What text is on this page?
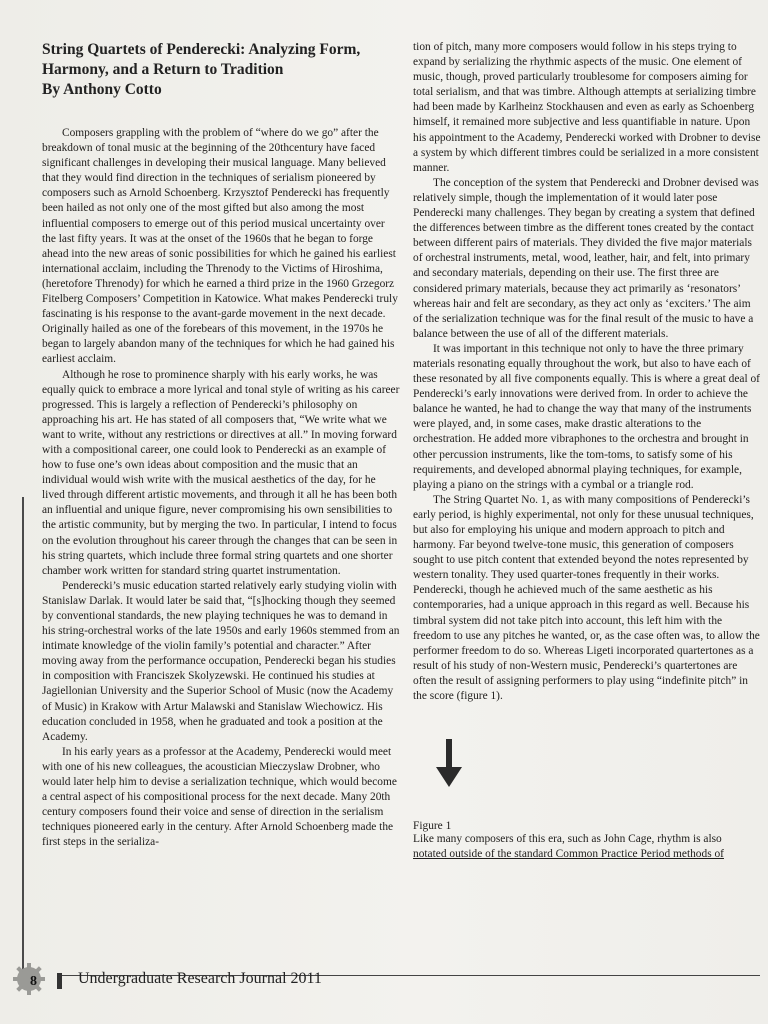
String Quartets of Penderecki: Analyzing Form,
Harmony, and a Return to Tradition
By Anthony Cotto

Composers grappling with the problem of “where do we go” after the breakdown of tonal music at the beginning of the 20thcentury have faced significant challenges in developing their musical language. Many believed that they would find direction in the techniques of serialism pioneered by composers such as Arnold Schoenberg. Krzysztof Penderecki has frequently been hailed as not only one of the most gifted but also among the most influential composers to emerge out of this period musical uncertainty over the last fifty years. It was at the onset of the 1960s that he began to forge ahead into the new areas of sonic possibilities for which he gained his earliest international acclaim, including the Threnody to the Victims of Hiroshima, (heretofore Threnody) for which he earned a third prize in the 1960 Grzegorz Fitelberg Composers’ Competition in Katowice. What makes Penderecki truly fascinating is his response to the avant-garde movement in the next decade. Originally hailed as one of the forebears of this movement, in the 1970s he began to largely abandon many of the techniques for which he had gained his earliest acclaim.

Although he rose to prominence sharply with his early works, he was equally quick to embrace a more lyrical and tonal style of writing as his career progressed. This is largely a reflection of Penderecki’s philosophy on approaching his art. He has stated of all composers that, “We write what we want to write, without any restrictions or directives at all.” In moving forward with a compositional career, one could look to Penderecki as an example of how to fuse one’s own ideas about composition and the music that an individual would wish write with the musical aesthetics of the day, for he lived through different artistic movements, and through it all he has been both an influential and unique figure, never compromising his own sensibilities to the artistic community, but by merging the two. In particular, I intend to focus on the evolution throughout his career through the changes that can be seen in his string quartets, which include three formal string quartets and one shorter chamber work written for standard string quartet instrumentation.

Penderecki’s music education started relatively early studying violin with Stanislaw Darlak. It would later be said that, “[s]hocking though they seemed by conventional standards, the new playing techniques he was to demand in his string-orchestral works of the late 1950s and early 1960s stemmed from an intimate knowledge of the violin family’s potential and character.” After moving away from the performance occupation, Penderecki began his studies in composition with Franciszek Skolyzewski. He continued his studies at Jagiellonian University and the Superior School of Music (now the Academy of Music) in Krakow with Artur Malawski and Stanislaw Wiechowicz. His education concluded in 1958, when he graduated and took a position at the Academy.

In his early years as a professor at the Academy, Penderecki would meet with one of his new colleagues, the acoustician Mieczyslaw Drobner, who would later help him to devise a serialization technique, which would become a central aspect of his compositional process for the next decade. Many 20th century composers found their voice and sense of direction in the serialism techniques pioneered early in the century. After Arnold Schoenberg made the first steps in the serializa-

tion of pitch, many more composers would follow in his steps trying to expand by serializing the rhythmic aspects of the music. One element of music, though, proved particularly troublesome for composers aiming for total serialism, and that was timbre. Although attempts at serializing timbre had been made by Karlheinz Stockhausen and even as early as Schoenberg himself, it remained more subjective and less quantifiable in nature. Upon his appointment to the Academy, Penderecki worked with Drobner to devise a system by which different timbres could be serialized in a more consistent manner.

The conception of the system that Penderecki and Drobner devised was relatively simple, though the implementation of it would later pose Penderecki many challenges. They began by creating a system that defined the differences between timbre as the different tones created by the contact between different pairs of materials. They divided the five major materials of orchestral instruments, metal, wood, leather, hair, and felt, into primary and secondary materials, depending on their use. The first three are considered primary materials, because they act primarily as ‘resonators’ whereas hair and felt are secondary, as they act only as ‘exciters.’ The aim of the serialization technique was for the final result of the music to have a balance between the use of all of the different materials.

It was important in this technique not only to have the three primary materials resonating equally throughout the work, but also to have each of these resonated by all five components equally. This is where a great deal of Penderecki’s early innovations were derived from. In order to achieve the balance he wanted, he had to change the way that many of the instruments were played, and, in some cases, make drastic alterations to the orchestration. He added more vibraphones to the orchestra and brought in other percussion instruments, like the tom-toms, to satisfy some of his requirements, and developed abnormal playing techniques, for example, playing a piano on the strings with a cymbal or a triangle rod.

The String Quartet No. 1, as with many compositions of Penderecki’s early period, is highly experimental, not only for these unusual techniques, but also for employing his unique and modern approach to pitch and harmony. Far beyond twelve-tone music, this generation of composers sought to use pitch content that extended beyond the notes represented by western tonality. They used quarter-tones frequently in their works. Penderecki, though he achieved much of the same aesthetic as his contemporaries, had a unique approach in this regard as well. Because his timbral system did not take pitch into account, this left him with the freedom to use any pitches he wanted, or, as the case often was, to allow the performer freedom to do so. Whereas Ligeti incorporated quartertones as a result of his study of non-Western music, Penderecki’s quartertones are often the result of assigning performers to play using “indefinite pitch” in the score (figure 1).

Figure 1
Like many composers of this era, such as John Cage, rhythm is also
notated outside of the standard Common Practice Period methods of
8	Undergraduate Research Journal 2011
